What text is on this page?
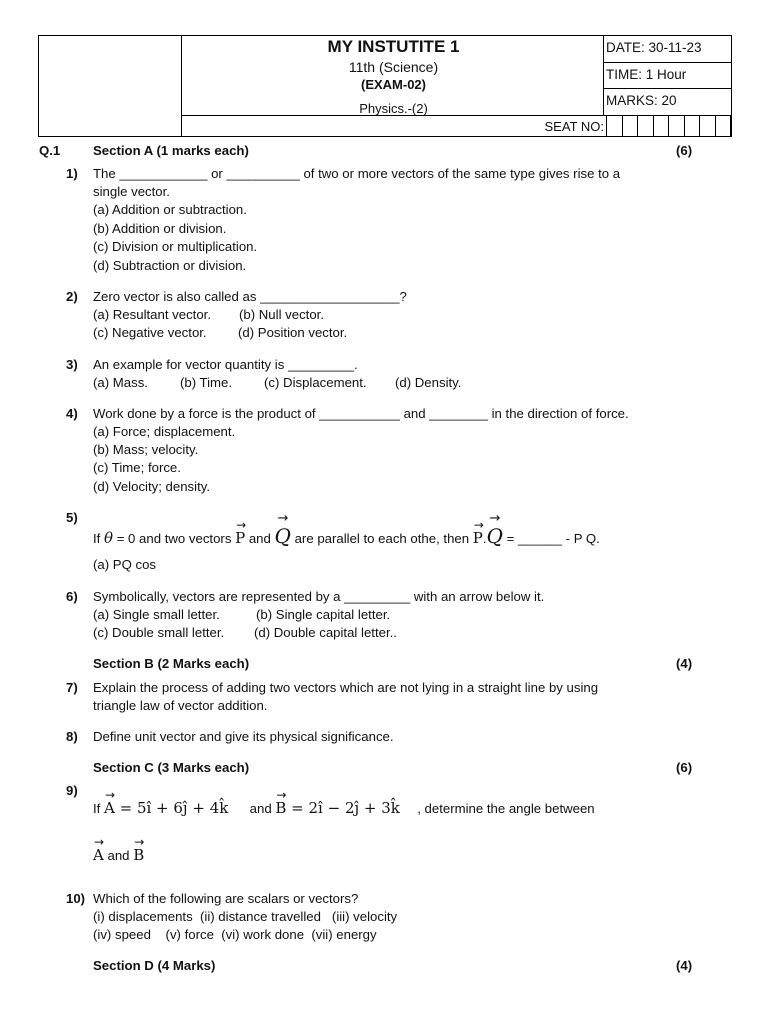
MY INSTUTITE 1
11th (Science)
(EXAM-02)
Physics.-(2)
DATE: 30-11-23
TIME: 1 Hour
MARKS: 20
SEAT NO:
Q.1 Section A (1 marks each)	(6)
1) The ____________ or __________ of two or more vectors of the same type gives rise to a
single vector.
(a) Addition or subtraction.
(b) Addition or division.
(c) Division or multiplication.
(d) Subtraction or division.
2) Zero vector is also called as ___________________?
(a) Resultant vector. (b) Null vector.
(c) Negative vector. (d) Position vector.
3) An example for vector quantity is _________.
(a) Mass. (b) Time. (c) Displacement. (d) Density.
4) Work done by a force is the product of ___________ and ________ in the direction of force.
(a) Force; displacement.
(b) Mass; velocity.
(c) Time; force.
(d) Velocity; density.
5)
If θ = 0 and two vectors → P and → Q are parallel to each othe, then → P.→ Q = ______ - P Q.
(a) PQ cos
6) Symbolically, vectors are represented by a _________ with an arrow below it.
(a) Single small letter.	(b) Single capital letter.
(c) Double small letter. (d) Double capital letter..
Section B (2 Marks each)	(4)
7) Explain the process of adding two vectors which are not lying in a straight line by using
triangle law of vector addition.
8) Define unit vector and give its physical significance.
Section C (3 Marks each)	(6)
9)
If → A = 5î + 6ĵ + 4k̂ and → B = 2î − 2ĵ + 3k̂ , determine the angle between
→ A and → B
10) Which of the following are scalars or vectors?
(i) displacements  (ii) distance travelled   (iii) velocity
(iv) speed    (v) force  (vi) work done  (vii) energy
Section D (4 Marks)	(4)
